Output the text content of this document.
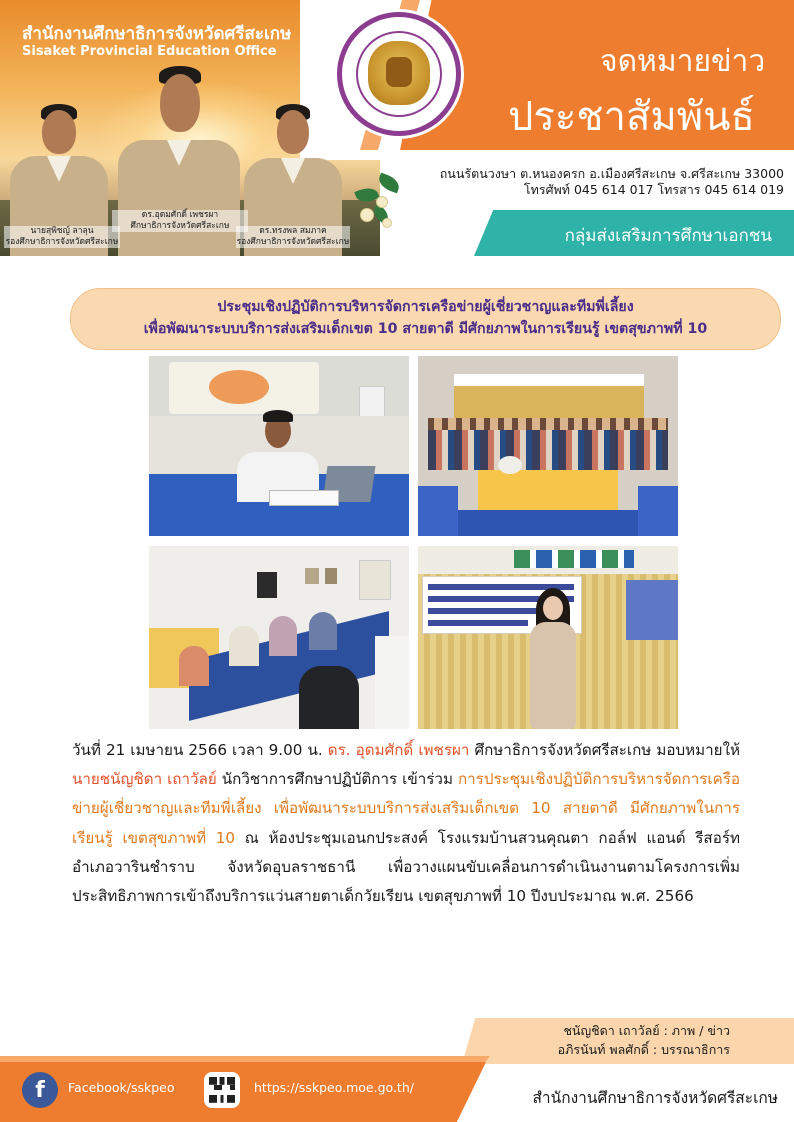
สำนักงานศึกษาธิการจังหวัดศรีสะเกษ
Sisaket Provincial Education Office
นายสุพิชญ์ ลาลุน
รองศึกษาธิการจังหวัดศรีสะเกษ
ดร.อุดมศักดิ์ เพชรผา
ศึกษาธิการจังหวัดศรีสะเกษ	ดร.ทรงพล สมภาค
รองศึกษาธิการจังหวัดศรีสะเกษ
จดหมายข่าว
ประชาสัมพันธ์
ถนนรัตนวงษา ต.หนองครก อ.เมืองศรีสะเกษ จ.ศรีสะเกษ 33000
โทรศัพท์ 045 614 017 โทรสาร 045 614 019
กลุ่มส่งเสริมการศึกษาเอกชน
ประชุมเชิงปฏิบัติการบริหารจัดการเครือข่ายผู้เชี่ยวชาญและทีมพี่เลี้ยง
เพื่อพัฒนาระบบบริการส่งเสริมเด็กเขต 10 สายตาดี มีศักยภาพในการเรียนรู้ เขตสุขภาพที่ 10
วันที่ 21 เมษายน 2566 เวลา 9.00 น. ดร. อุดมศักดิ์ เพชรผา ศึกษาธิการจังหวัดศรีสะเกษ มอบหมายให้ นายชนัญชิดา เถาวัลย์ นักวิชาการศึกษาปฏิบัติการ เข้าร่วม การประชุมเชิงปฏิบัติการบริหารจัดการเครือข่ายผู้เชี่ยวชาญและทีมพี่เลี้ยง เพื่อพัฒนาระบบบริการส่งเสริมเด็กเขต 10 สายตาดี มีศักยภาพในการเรียนรู้ เขตสุขภาพที่ 10 ณ ห้องประชุมเอนกประสงค์ โรงแรมบ้านสวนคุณตา กอล์ฟ แอนด์ รีสอร์ท อำเภอวารินชำราบ จังหวัดอุบลราชธานี เพื่อวางแผนขับเคลื่อนการดำเนินงานตามโครงการเพิ่มประสิทธิภาพการเข้าถึงบริการแว่นสายตาเด็กวัยเรียน เขตสุขภาพที่ 10 ปีงบประมาณ พ.ศ. 2566
ชนัญชิดา เถาวัลย์ : ภาพ / ข่าว
อภิรนันท์ พลศักดิ์ : บรรณาธิการ
f	Facebook/sskpeo	https://sskpeo.moe.go.th/
สำนักงานศึกษาธิการจังหวัดศรีสะเกษ
